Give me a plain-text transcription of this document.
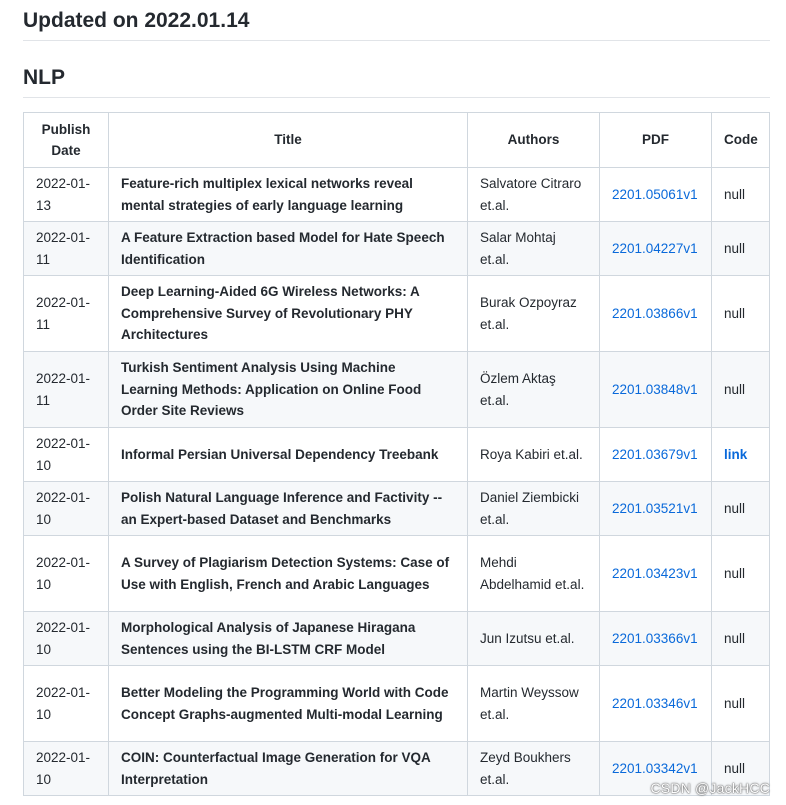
Updated on 2022.01.14
NLP
Publish Date	Title	Authors	PDF	Code
2022-01-13	Feature-rich multiplex lexical networks reveal mental strategies of early language learning	Salvatore Citraro et.al.	2201.05061v1	null
2022-01-11	A Feature Extraction based Model for Hate Speech Identification	Salar Mohtaj et.al.	2201.04227v1	null
2022-01-11	Deep Learning-Aided 6G Wireless Networks: A Comprehensive Survey of Revolutionary PHY Architectures	Burak Ozpoyraz et.al.	2201.03866v1	null
2022-01-11	Turkish Sentiment Analysis Using Machine Learning Methods: Application on Online Food Order Site Reviews	Özlem Aktaş et.al.	2201.03848v1	null
2022-01-10	Informal Persian Universal Dependency Treebank	Roya Kabiri et.al.	2201.03679v1	link
2022-01-10	Polish Natural Language Inference and Factivity -- an Expert-based Dataset and Benchmarks	Daniel Ziembicki et.al.	2201.03521v1	null
2022-01-10	A Survey of Plagiarism Detection Systems: Case of Use with English, French and Arabic Languages	Mehdi Abdelhamid et.al.	2201.03423v1	null
2022-01-10	Morphological Analysis of Japanese Hiragana Sentences using the BI-LSTM CRF Model	Jun Izutsu et.al.	2201.03366v1	null
2022-01-10	Better Modeling the Programming World with Code Concept Graphs-augmented Multi-modal Learning	Martin Weyssow et.al.	2201.03346v1	null
2022-01-10	COIN: Counterfactual Image Generation for VQA Interpretation	Zeyd Boukhers et.al.	2201.03342v1	null
CSDN @JackHCC
